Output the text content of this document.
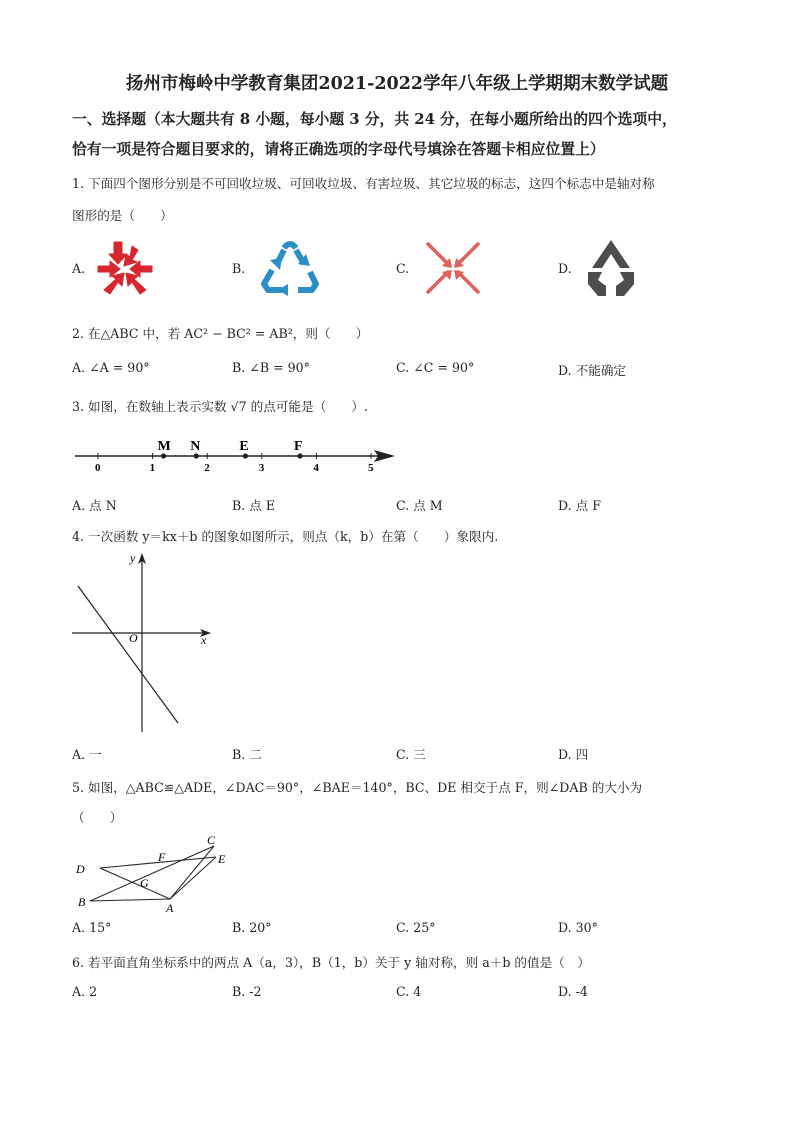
扬州市梅岭中学教育集团2021-2022学年八年级上学期期末数学试题
一、选择题（本大题共有 8 小题，每小题 3 分，共 24 分，在每小题所给出的四个选项中，
恰有一项是符合题目要求的，请将正确选项的字母代号填涂在答题卡相应位置上）
1. 下面四个图形分别是不可回收垃圾、可回收垃圾、有害垃圾、其它垃圾的标志，这四个标志中是轴对称
图形的是（　　）
A.	B.	C.	D.
2. 在△ABC 中，若 AC² − BC² = AB²，则（　　）
A. ∠A = 90°	B. ∠B = 90°	C. ∠C = 90°	D. 不能确定
3. 如图，在数轴上表示实数 √7 的点可能是（　　）.
0	1	2	3	4	5
M N	E	F
A. 点 N	B. 点 E	C. 点 M	D. 点 F
4. 一次函数 y＝kx＋b 的图象如图所示，则点（k，b）在第（　　）象限内.
y
x
O
A. 一	B. 二	C. 三	D. 四
5. 如图，△ABC≌△ADE，∠DAC＝90°，∠BAE＝140°，BC、DE 相交于点 F，则∠DAB 的大小为
（　　）
C
F	E
D
G
B	A
A. 15°	B. 20°	C. 25°	D. 30°
6. 若平面直角坐标系中的两点 A（a，3），B（1，b）关于 y 轴对称，则 a＋b 的值是（　）
A. 2	B. -2	C. 4	D. -4
